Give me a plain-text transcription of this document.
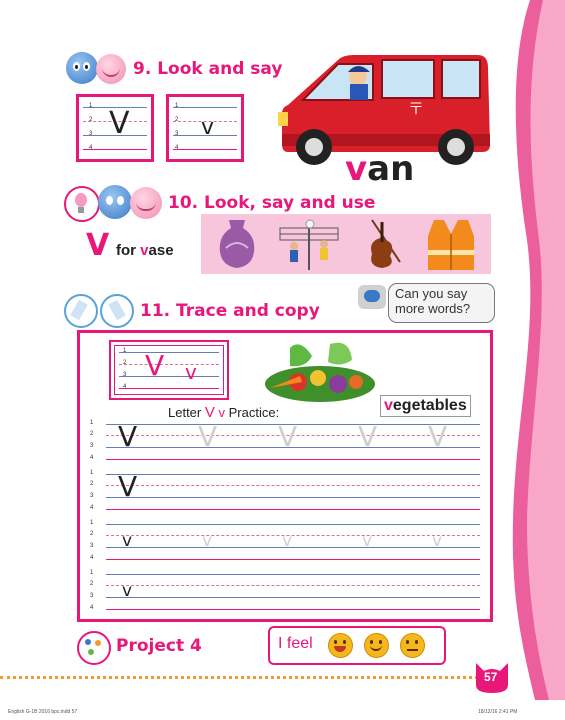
9. Look and say
1
2
3
4
V	1
2
3
4
v
〒
van
10. Look, say and use
V for vase
11. Trace and copy
Can you say
more words?
1
2
3
4
V v
vegetables
Letter V v Practice:
1
2
3
4
V V V V V
1
2
3
4
V
1
2
3
4
v	v	v	v	v
1
2
3
4
v
Project 4	I feel
57
English G-1B 2016 bpc.indd 57	18/12/16 2:41 PM
